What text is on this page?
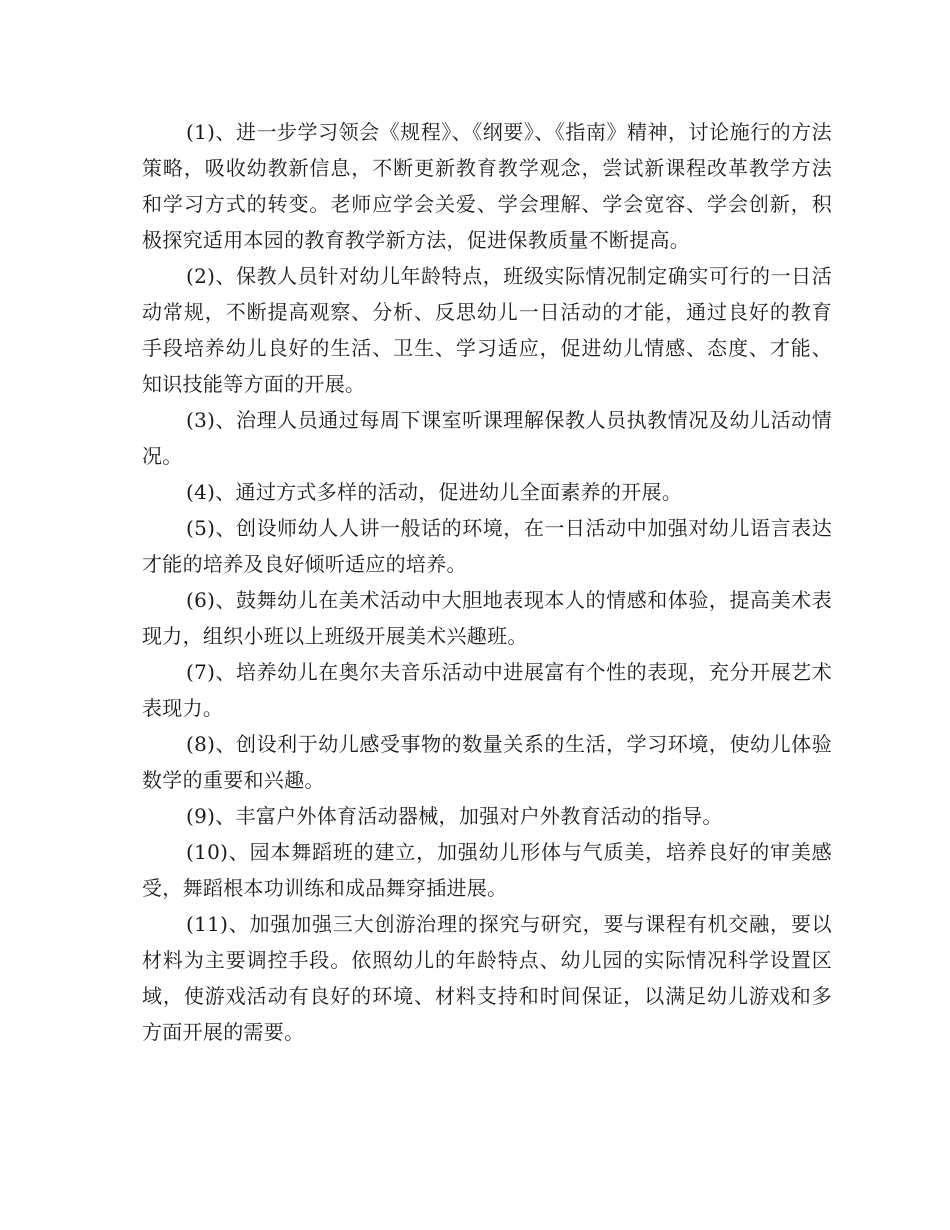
(1)、进一步学习领会《规程》、《纲要》、《指南》精神，讨论施行的方法策略，吸收幼教新信息，不断更新教育教学观念，尝试新课程改革教学方法和学习方式的转变。老师应学会关爱、学会理解、学会宽容、学会创新，积极探究适用本园的教育教学新方法，促进保教质量不断提高。

(2)、保教人员针对幼儿年龄特点，班级实际情况制定确实可行的一日活动常规，不断提高观察、分析、反思幼儿一日活动的才能，通过良好的教育手段培养幼儿良好的生活、卫生、学习适应，促进幼儿情感、态度、才能、知识技能等方面的开展。

(3)、治理人员通过每周下课室听课理解保教人员执教情况及幼儿活动情况。

(4)、通过方式多样的活动，促进幼儿全面素养的开展。

(5)、创设师幼人人讲一般话的环境，在一日活动中加强对幼儿语言表达才能的培养及良好倾听适应的培养。

(6)、鼓舞幼儿在美术活动中大胆地表现本人的情感和体验，提高美术表现力，组织小班以上班级开展美术兴趣班。

(7)、培养幼儿在奥尔夫音乐活动中进展富有个性的表现，充分开展艺术表现力。

(8)、创设利于幼儿感受事物的数量关系的生活，学习环境，使幼儿体验数学的重要和兴趣。

(9)、丰富户外体育活动器械，加强对户外教育活动的指导。

(10)、园本舞蹈班的建立，加强幼儿形体与气质美，培养良好的审美感受，舞蹈根本功训练和成品舞穿插进展。

(11)、加强加强三大创游治理的探究与研究，要与课程有机交融，要以材料为主要调控手段。依照幼儿的年龄特点、幼儿园的实际情况科学设置区域，使游戏活动有良好的环境、材料支持和时间保证，以满足幼儿游戏和多方面开展的需要。
